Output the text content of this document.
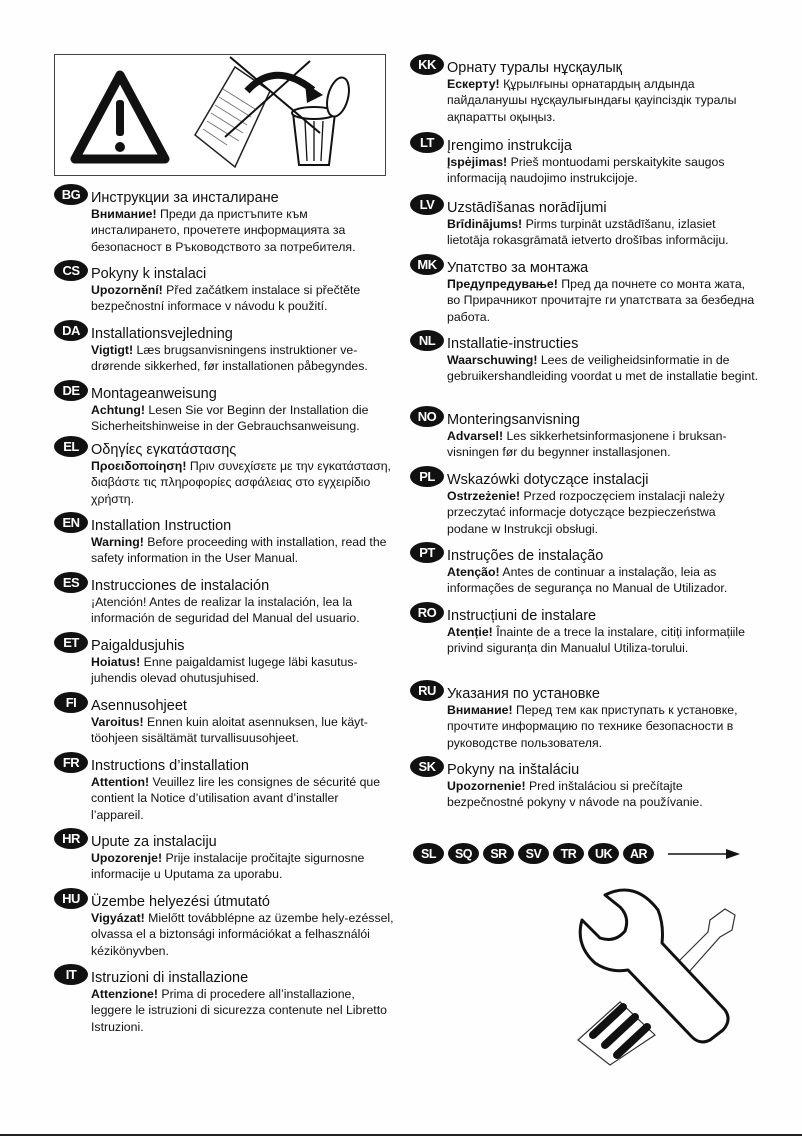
BG Инструкции за инсталиране
Внимание! Преди да пристъпите към инсталирането, прочетете информацията за безопасност в Ръководството за потребителя.
CS Pokyny k instalaci
Upozornění! Před začátkem instalace si přečtěte bezpečnostní informace v návodu k použití.
DA Installationsvejledning
Vigtigt! Læs brugsanvisningens instruktioner ve-drørende sikkerhed, før installationen påbegyndes.
DE Montageanweisung
Achtung! Lesen Sie vor Beginn der Installation die Sicherheitshinweise in der Gebrauchsanweisung.
EL Οδηγίες εγκατάστασης
Προειδοποίηση! Πριν συνεχίσετε με την εγκατάσταση, διαβάστε τις πληροφορίες ασφάλειας στο εγχειρίδιο χρήστη.
EN Installation Instruction
Warning! Before proceeding with installation, read the safety information in the User Manual.
ES Instrucciones de instalación
¡Atención! Antes de realizar la instalación, lea la información de seguridad del Manual del usuario.
ET Paigaldusjuhis
Hoiatus! Enne paigaldamist lugege läbi kasutus-juhendis olevad ohutusjuhised.
FI	Asennusohjeet
Varoitus! Ennen kuin aloitat asennuksen, lue käyt-töohjeen sisältämät turvallisuusohjeet.
FR Instructions d’installation
Attention! Veuillez lire les consignes de sécurité que contient la Notice d’utilisation avant d’installer l’appareil.
HR Upute za instalaciju
Upozorenje! Prije instalacije pročitajte sigurnosne informacije u Uputama za uporabu.
HU Üzembe helyezési útmutató
Vigyázat! Mielőtt továbblépne az üzembe hely-ezéssel, olvassa el a biztonsági információkat a felhasználói kézikönyvben.
IT	Istruzioni di installazione
Attenzione! Prima di procedere all’installazione, leggere le istruzioni di sicurezza contenute nel Libretto Istruzioni.
KK Орнату туралы нұсқаулық
Ескерту! Құрылғыны орнатардың алдында пайдаланушы нұсқаулығындағы қауіпсіздік туралы ақпаратты оқыңыз.
LT Įrengimo instrukcija
Įspėjimas! Prieš montuodami perskaitykite saugos informaciją naudojimo instrukcijoje.
LV Uzstādīšanas norādījumi
Brīdinājums! Pirms turpināt uzstādīšanu, izlasiet lietotāja rokasgrāmatā ietverto drošības informāciju.
MK Упатство за монтажа
Предупредување! Пред да почнете со монта жата, во Прирачникот прочитајте ги упатствата за безбедна работа.
NL Installatie-instructies
Waarschuwing! Lees de veiligheidsinformatie in de gebruikershandleiding voordat u met de installatie begint.
NO Monteringsanvisning
Advarsel! Les sikkerhetsinformasjonene i bruksan-visningen før du begynner installasjonen.
PL Wskazówki dotyczące instalacji
Ostrzeżenie! Przed rozpoczęciem instalacji należy przeczytać informacje dotyczące bezpieczeństwa podane w Instrukcji obsługi.
PT Instruções de instalação
Atenção! Antes de continuar a instalação, leia as informações de segurança no Manual de Utilizador.
RO Instrucțiuni de instalare
Atenție! Înainte de a trece la instalare, citiți informațiile privind siguranța din Manualul Utiliza-torului.
RU Указания по установке
Внимание! Перед тем как приступать к установке, прочтите информацию по технике безопасности в руководстве пользователя.
SK Pokyny na inštaláciu
Upozornenie! Pred inštaláciou si prečítajte bezpečnostné pokyny v návode na používanie.
SL	SQ	SR	SV	TR	UK	AR
